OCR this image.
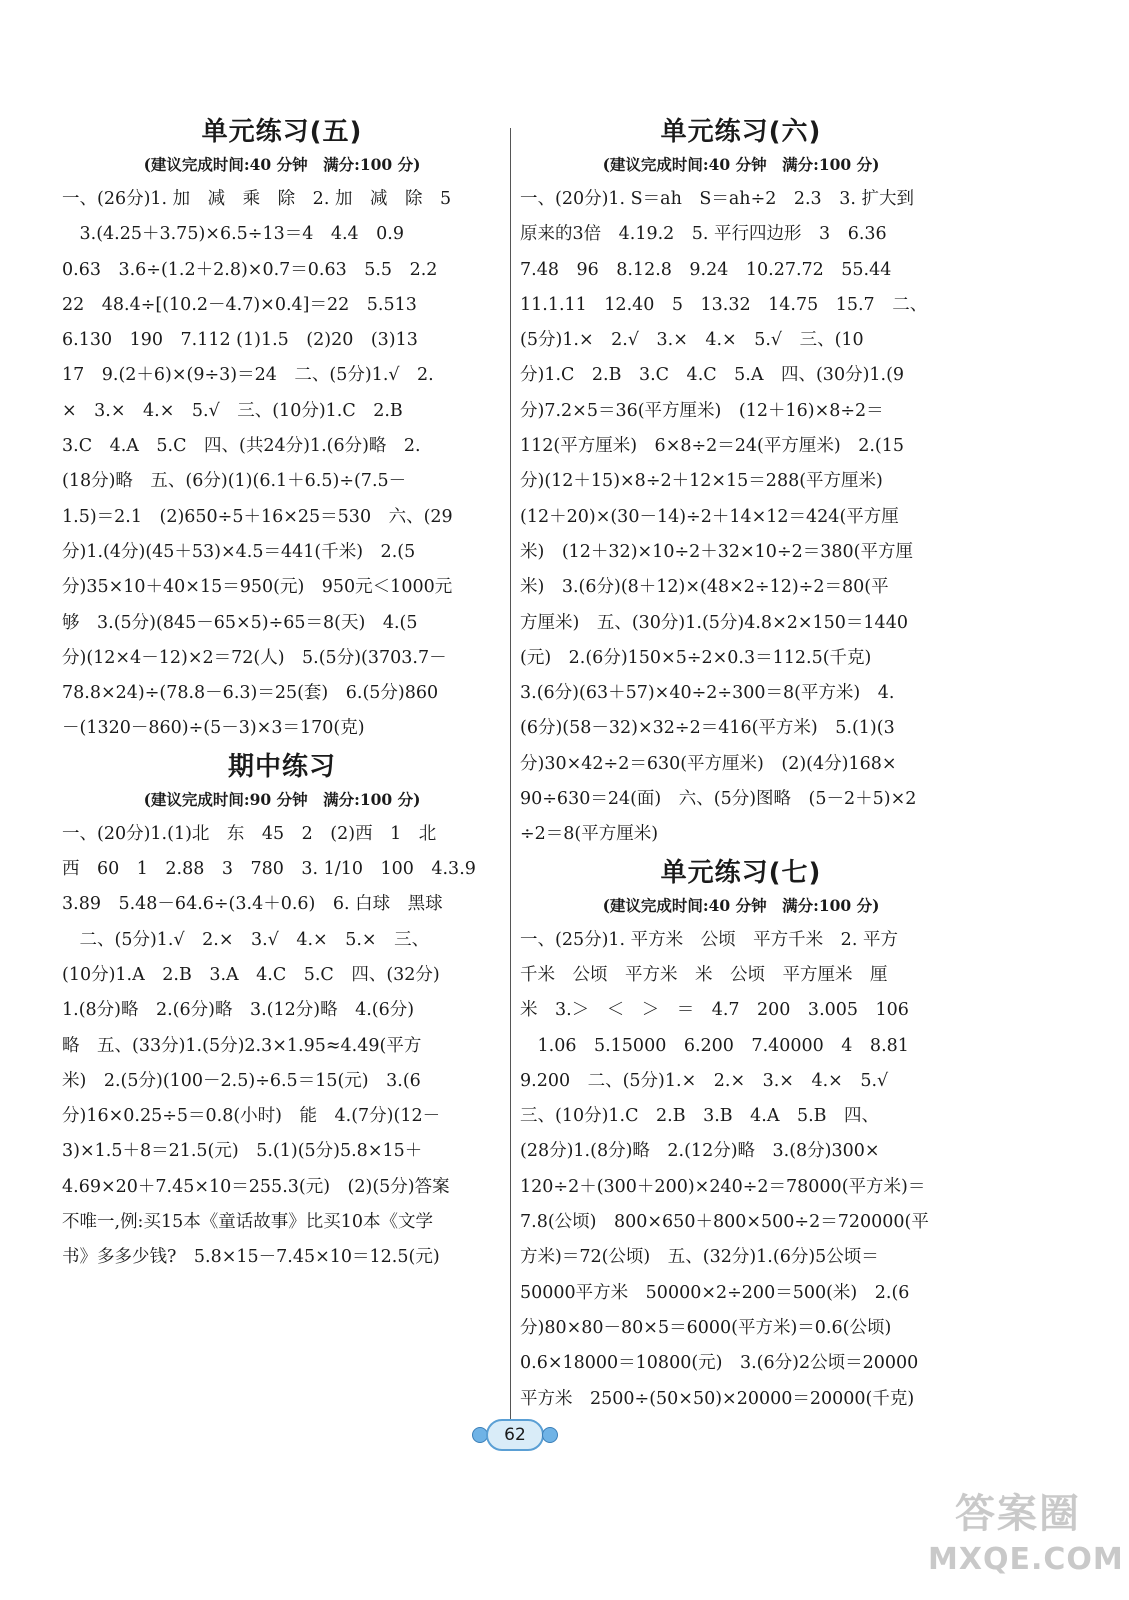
单元练习(五)

(建议完成时间:40 分钟　满分:100 分)

一、(26分)1. 加　减　乘　除　2. 加　减　除　5
　3.(4.25＋3.75)×6.5÷13＝4　4.4　0.9
0.63　3.6÷(1.2＋2.8)×0.7＝0.63　5.5　2.2
22　48.4÷[(10.2－4.7)×0.4]＝22　5.513
6.130　190　7.112 (1)1.5　(2)20　(3)13
17　9.(2＋6)×(9÷3)＝24　二、(5分)1.√　2.
×　3.×　4.×　5.√　三、(10分)1.C　2.B
3.C　4.A　5.C　四、(共24分)1.(6分)略　2.
(18分)略　五、(6分)(1)(6.1＋6.5)÷(7.5－
1.5)＝2.1　(2)650÷5＋16×25＝530　六、(29
分)1.(4分)(45＋53)×4.5＝441(千米)　2.(5
分)35×10＋40×15＝950(元)　950元＜1000元
够　3.(5分)(845－65×5)÷65＝8(天)　4.(5
分)(12×4－12)×2＝72(人)　5.(5分)(3703.7－
78.8×24)÷(78.8－6.3)＝25(套)　6.(5分)860
－(1320－860)÷(5－3)×3＝170(克)
期中练习

(建议完成时间:90 分钟　满分:100 分)

一、(20分)1.(1)北　东　45　2　(2)西　1　北
西　60　1　2.88　3　780　3. 1/10　100　4.3.9
3.89　5.48－64.6÷(3.4＋0.6)　6. 白球　黑球
　二、(5分)1.√　2.×　3.√　4.×　5.×　三、
(10分)1.A　2.B　3.A　4.C　5.C　四、(32分)
1.(8分)略　2.(6分)略　3.(12分)略　4.(6分)
略　五、(33分)1.(5分)2.3×1.95≈4.49(平方
米)　2.(5分)(100－2.5)÷6.5＝15(元)　3.(6
分)16×0.25÷5＝0.8(小时)　能　4.(7分)(12－
3)×1.5＋8＝21.5(元)　5.(1)(5分)5.8×15＋
4.69×20＋7.45×10＝255.3(元)　(2)(5分)答案
不唯一,例:买15本《童话故事》比买10本《文学
书》多多少钱?　5.8×15－7.45×10＝12.5(元)
单元练习(六)

(建议完成时间:40 分钟　满分:100 分)

一、(20分)1. S＝ah　S＝ah÷2　2.3　3. 扩大到
原来的3倍　4.19.2　5. 平行四边形　3　6.36
7.48　96　8.12.8　9.24　10.27.72　55.44
11.1.11　12.40　5　13.32　14.75　15.7　二、
(5分)1.×　2.√　3.×　4.×　5.√　三、(10
分)1.C　2.B　3.C　4.C　5.A　四、(30分)1.(9
分)7.2×5＝36(平方厘米)　(12＋16)×8÷2＝
112(平方厘米)　6×8÷2＝24(平方厘米)　2.(15
分)(12＋15)×8÷2＋12×15＝288(平方厘米)
(12＋20)×(30－14)÷2＋14×12＝424(平方厘
米)　(12＋32)×10÷2＋32×10÷2＝380(平方厘
米)　3.(6分)(8＋12)×(48×2÷12)÷2＝80(平
方厘米)　五、(30分)1.(5分)4.8×2×150＝1440
(元)　2.(6分)150×5÷2×0.3＝112.5(千克)
3.(6分)(63＋57)×40÷2÷300＝8(平方米)　4.
(6分)(58－32)×32÷2＝416(平方米)　5.(1)(3
分)30×42÷2＝630(平方厘米)　(2)(4分)168×
90÷630＝24(面)　六、(5分)图略　(5－2＋5)×2
÷2＝8(平方厘米)
单元练习(七)

(建议完成时间:40 分钟　满分:100 分)

一、(25分)1. 平方米　公顷　平方千米　2. 平方
千米　公顷　平方米　米　公顷　平方厘米　厘
米　3.＞　＜　＞　＝　4.7　200　3.005　106
　1.06　5.15000　6.200　7.40000　4　8.81
9.200　二、(5分)1.×　2.×　3.×　4.×　5.√
三、(10分)1.C　2.B　3.B　4.A　5.B　四、
(28分)1.(8分)略　2.(12分)略　3.(8分)300×
120÷2＋(300＋200)×240÷2＝78000(平方米)＝
7.8(公顷)　800×650＋800×500÷2＝720000(平
方米)＝72(公顷)　五、(32分)1.(6分)5公顷＝
50000平方米　50000×2÷200＝500(米)　2.(6
分)80×80－80×5＝6000(平方米)＝0.6(公顷)
0.6×18000＝10800(元)　3.(6分)2公顷＝20000
平方米　2500÷(50×50)×20000＝20000(千克)
62
答案圈
MXQE.COM
